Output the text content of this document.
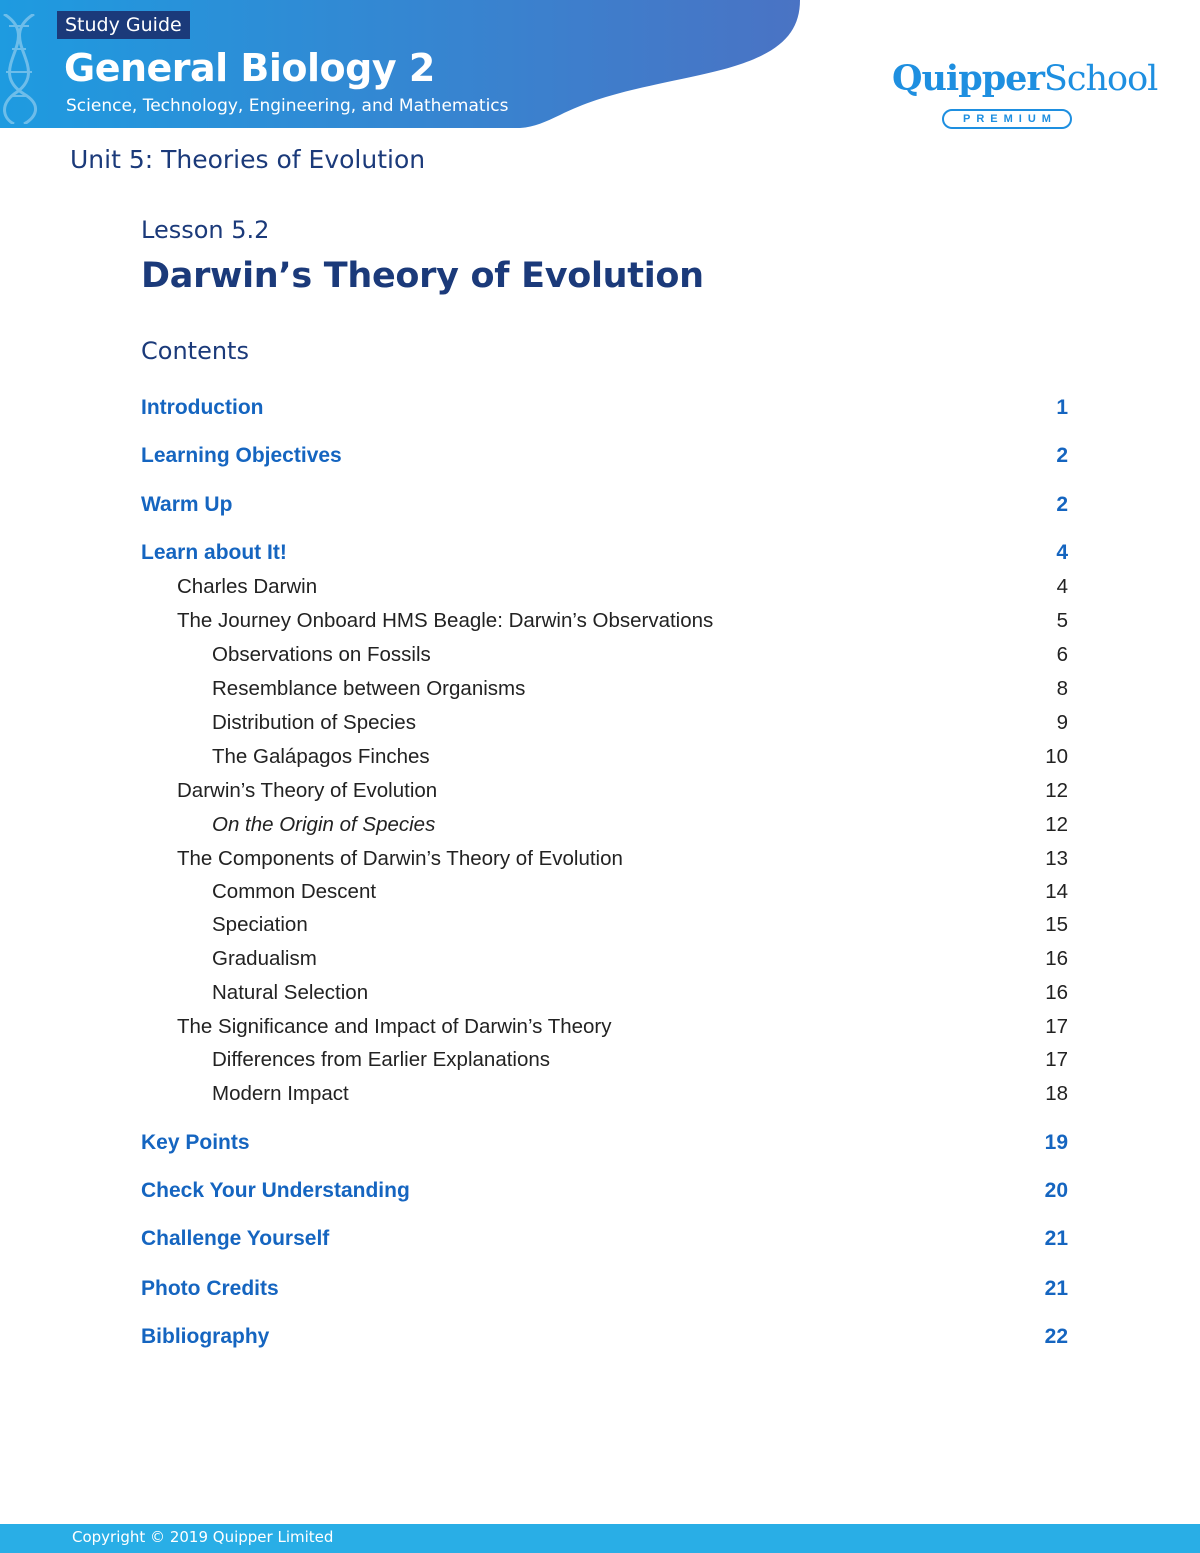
Study Guide
General Biology 2
Science, Technology, Engineering, and Mathematics
QuipperSchool
PREMIUM
Unit 5: Theories of Evolution
Lesson 5.2
Darwin’s Theory of Evolution
Contents
Introduction	1
Learning Objectives	2
Warm Up	2
Learn about It!	4
Charles Darwin	4
The Journey Onboard HMS Beagle: Darwin’s Observations	5
Observations on Fossils	6
Resemblance between Organisms	8
Distribution of Species	9
The Galápagos Finches	10
Darwin’s Theory of Evolution	12
On the Origin of Species	12
The Components of Darwin’s Theory of Evolution	13
Common Descent	14
Speciation	15
Gradualism	16
Natural Selection	16
The Significance and Impact of Darwin’s Theory	17
Differences from Earlier Explanations	17
Modern Impact	18
Key Points	19
Check Your Understanding	20
Challenge Yourself	21
Photo Credits	21
Bibliography	22
Copyright © 2019 Quipper Limited
